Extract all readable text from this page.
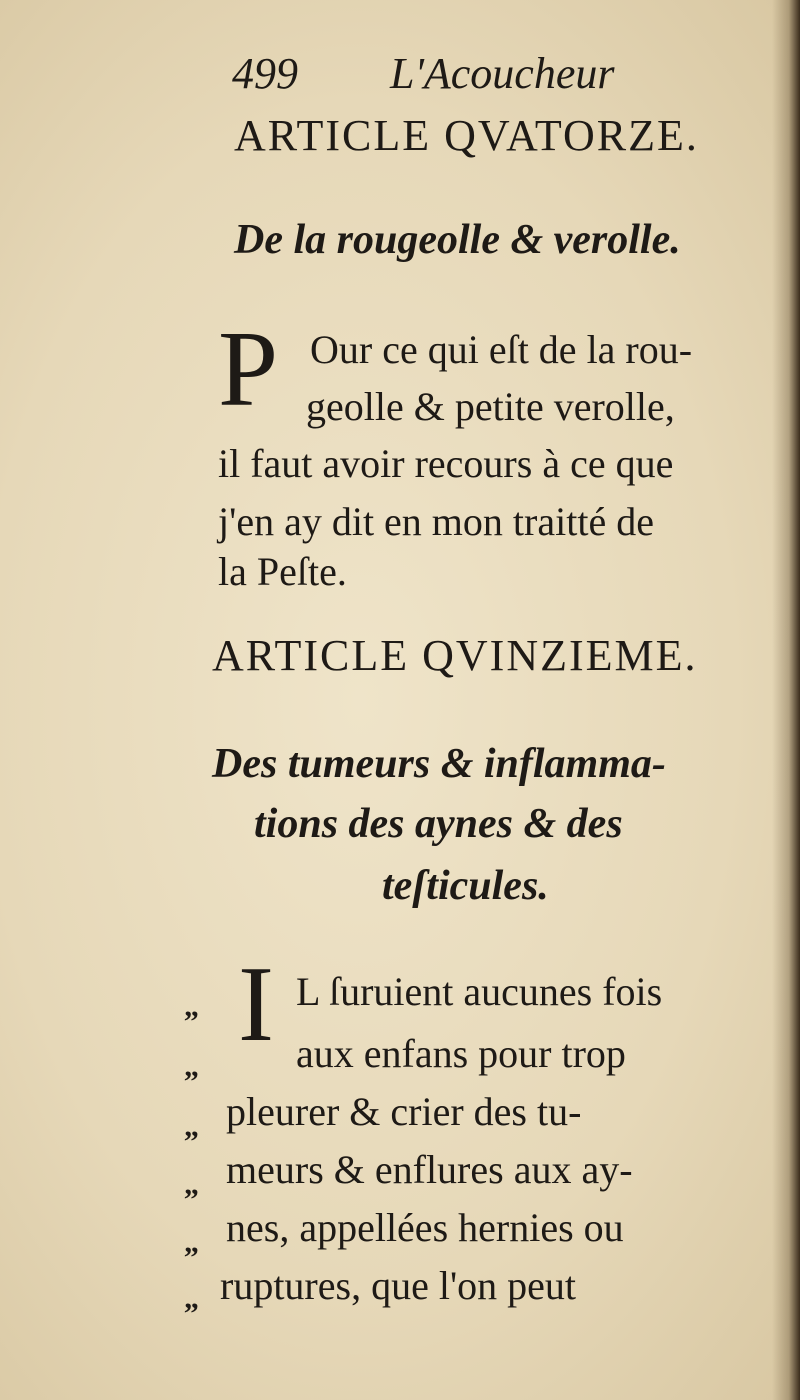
499 L'Acoucheur
ARTICLE QVATORZE.
De la rougeolle & verolle.
P Our ce qui eſt de la rou-
geolle & petite verolle,
il faut avoir recours à ce que
j'en ay dit en mon traitté de
la Peſte.
ARTICLE QVINZIEME.
Des tumeurs & inflamma-
tions des aynes & des
teſticules.
I
„
„
„
„
„
„
L ſuruient aucunes fois
aux enfans pour trop
pleurer & crier des tu-
meurs & enflures aux ay-
nes, appellées hernies ou
ruptures, que l'on peut
